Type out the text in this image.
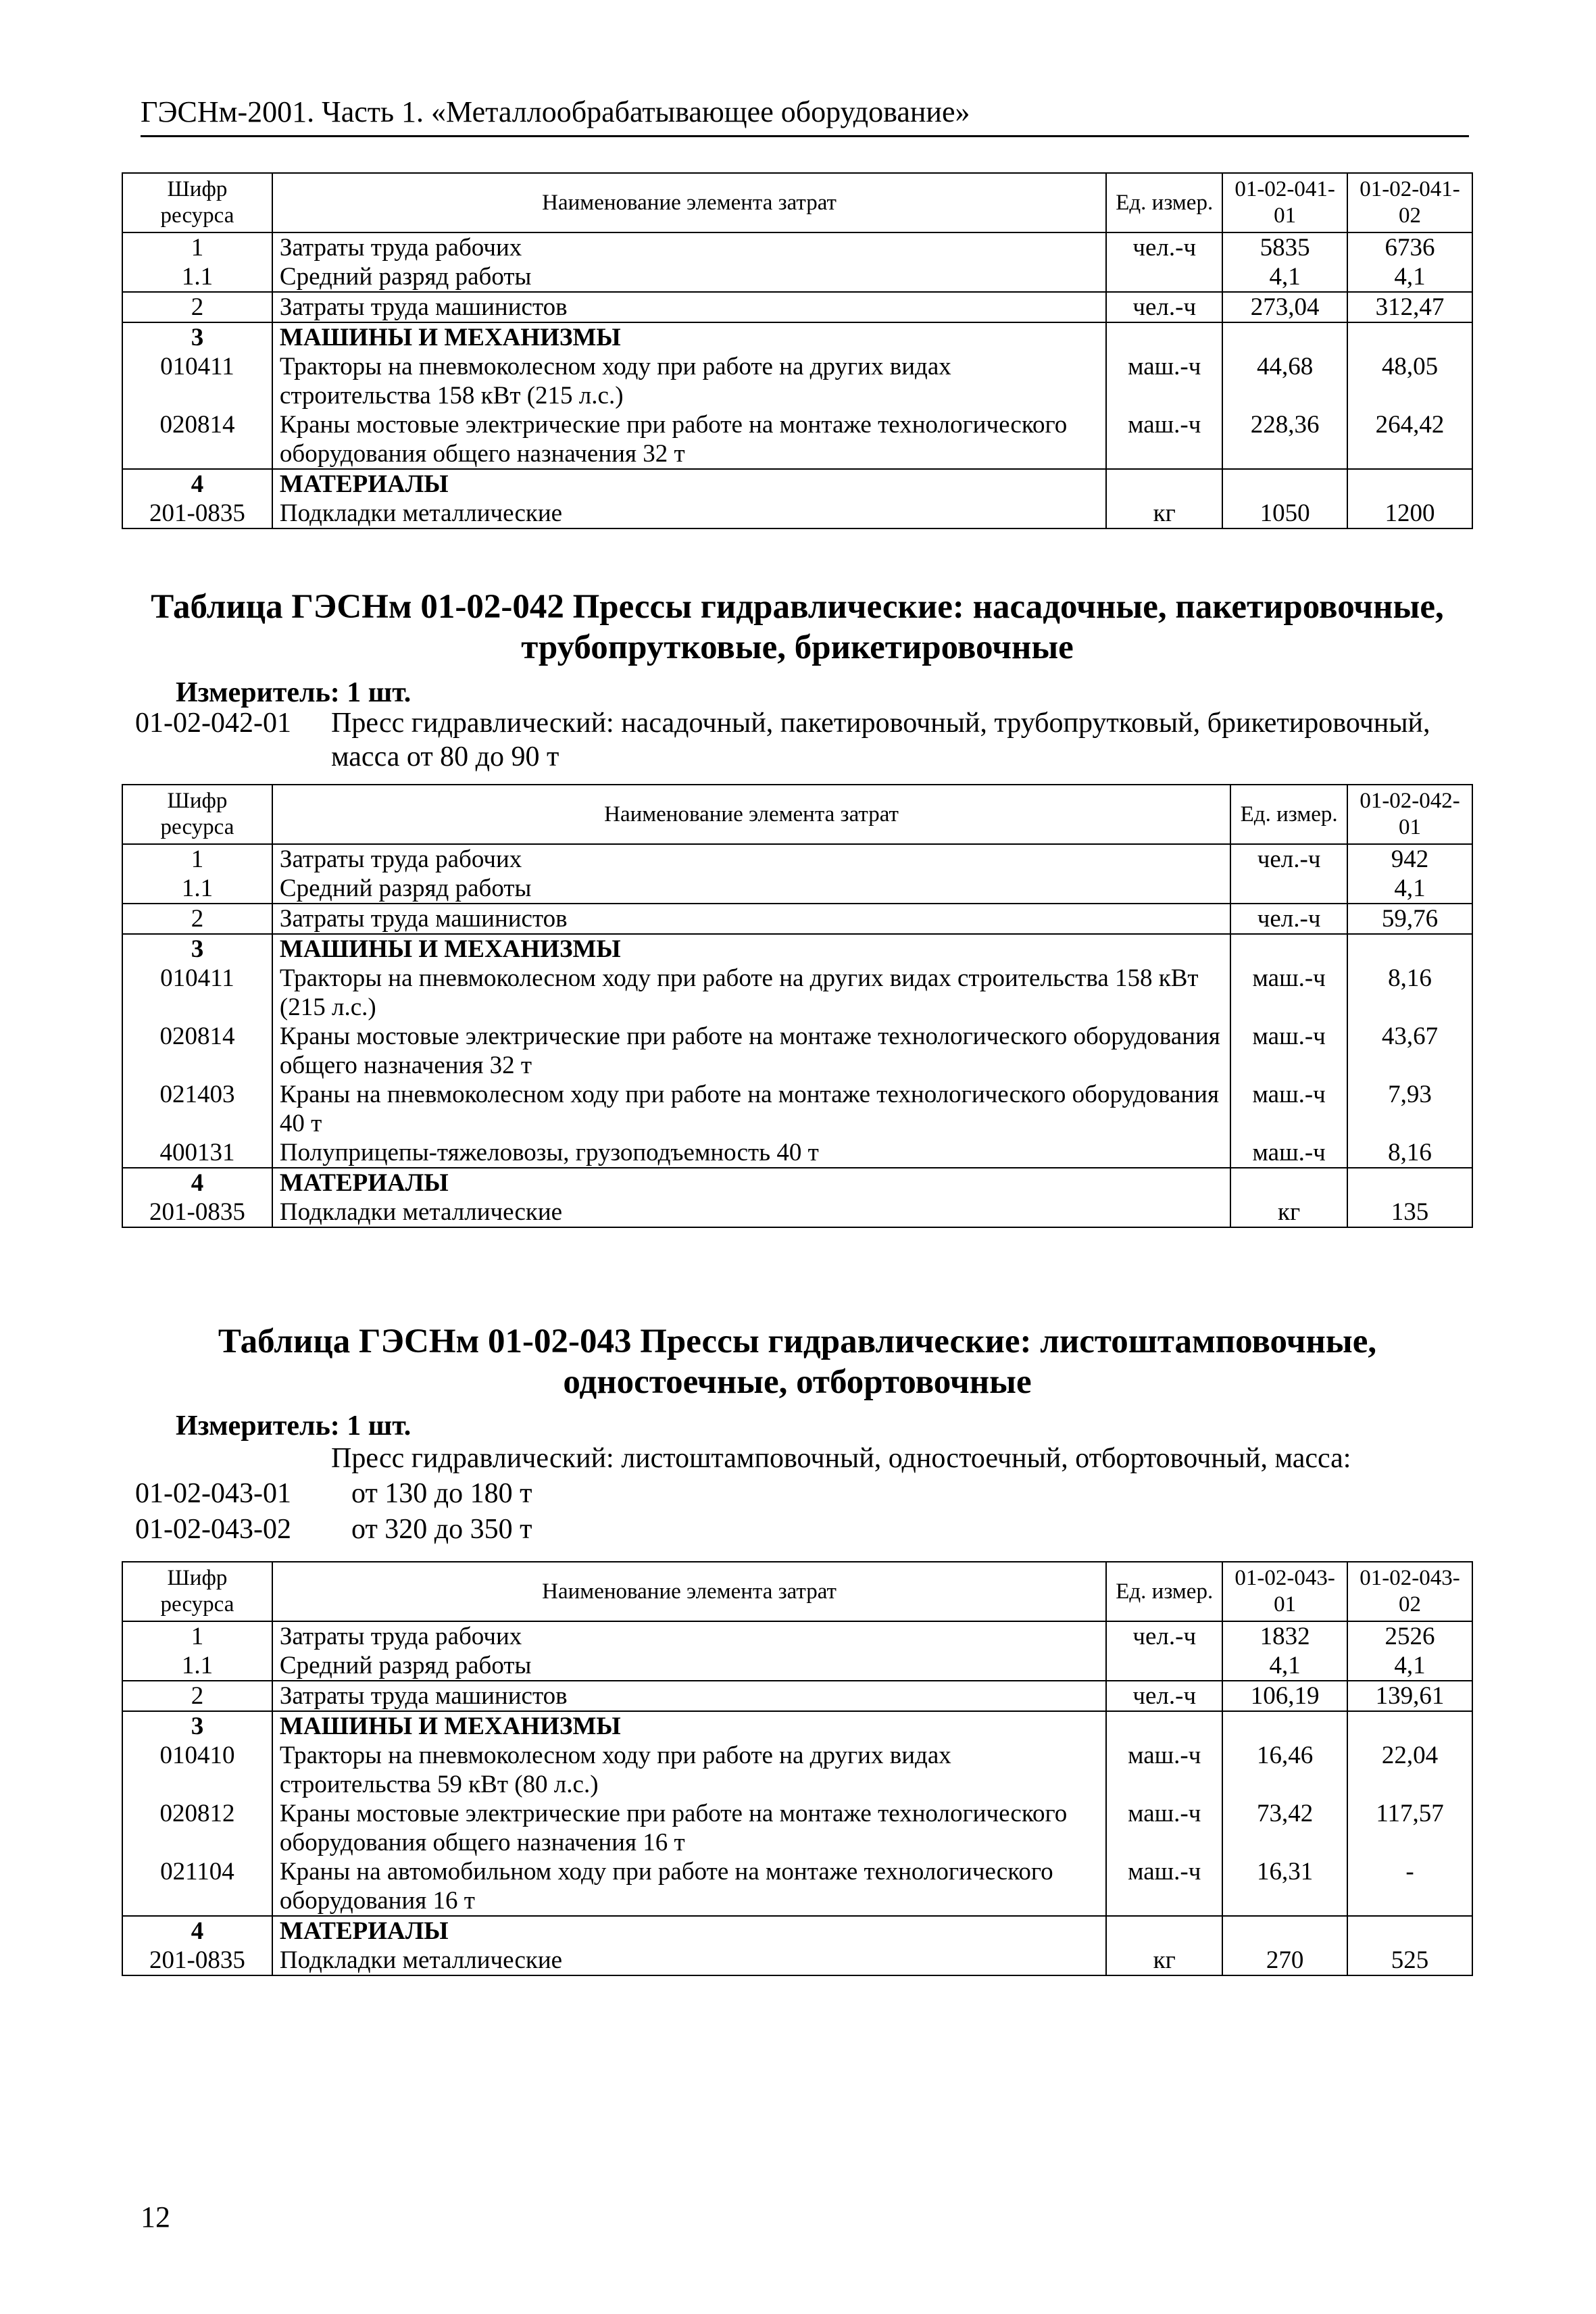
ГЭСНм-2001. Часть 1. «Металлообрабатывающее оборудование»
Шифр ресурса	Наименование элемента затрат	Ед. измер.	01-02-041-01	01-02-041-02
1	Затраты труда рабочих	чел.-ч	5835	6736
1.1	Средний разряд работы		4,1	4,1
2	Затраты труда машинистов	чел.-ч	273,04	312,47
3	МАШИНЫ И МЕХАНИЗМЫ			
010411	Тракторы на пневмоколесном ходу при работе на других видах строительства 158 кВт (215 л.с.)	маш.-ч	44,68	48,05
020814	Краны мостовые электрические при работе на монтаже технологического оборудования общего назначения 32 т	маш.-ч	228,36	264,42
4	МАТЕРИАЛЫ			
201-0835	Подкладки металлические	кг	1050	1200
Таблица ГЭСНм 01-02-042 Прессы гидравлические: насадочные, пакетировочные,
трубопрутковые, брикетировочные
Измеритель: 1 шт.
01-02-042-01 Пресс гидравлический: насадочный, пакетировочный, трубопрутковый, брикетировочный,
масса от 80 до 90 т
Шифр ресурса	Наименование элемента затрат	Ед. измер.	01-02-042-01
1	Затраты труда рабочих	чел.-ч	942
1.1	Средний разряд работы		4,1
2	Затраты труда машинистов	чел.-ч	59,76
3	МАШИНЫ И МЕХАНИЗМЫ		
010411	Тракторы на пневмоколесном ходу при работе на других видах строительства 158 кВт (215 л.с.)	маш.-ч	8,16
020814	Краны мостовые электрические при работе на монтаже технологического оборудования общего назначения 32 т	маш.-ч	43,67
021403	Краны на пневмоколесном ходу при работе на монтаже технологического оборудования 40 т	маш.-ч	7,93
400131	Полуприцепы-тяжеловозы, грузоподъемность 40 т	маш.-ч	8,16
4	МАТЕРИАЛЫ		
201-0835	Подкладки металлические	кг	135
Таблица ГЭСНм 01-02-043 Прессы гидравлические: листоштамповочные,
одностоечные, отбортовочные
Измеритель: 1 шт.
Пресс гидравлический: листоштамповочный, одностоечный, отбортовочный, масса:
01-02-043-01 от 130 до 180 т
01-02-043-02 от 320 до 350 т
Шифр ресурса	Наименование элемента затрат	Ед. измер.	01-02-043-01	01-02-043-02
1	Затраты труда рабочих	чел.-ч	1832	2526
1.1	Средний разряд работы		4,1	4,1
2	Затраты труда машинистов	чел.-ч	106,19	139,61
3	МАШИНЫ И МЕХАНИЗМЫ			
010410	Тракторы на пневмоколесном ходу при работе на других видах строительства 59 кВт (80 л.с.)	маш.-ч	16,46	22,04
020812	Краны мостовые электрические при работе на монтаже технологического оборудования общего назначения 16 т	маш.-ч	73,42	117,57
021104	Краны на автомобильном ходу при работе на монтаже технологического оборудования 16 т	маш.-ч	16,31	-
4	МАТЕРИАЛЫ			
201-0835	Подкладки металлические	кг	270	525
12
